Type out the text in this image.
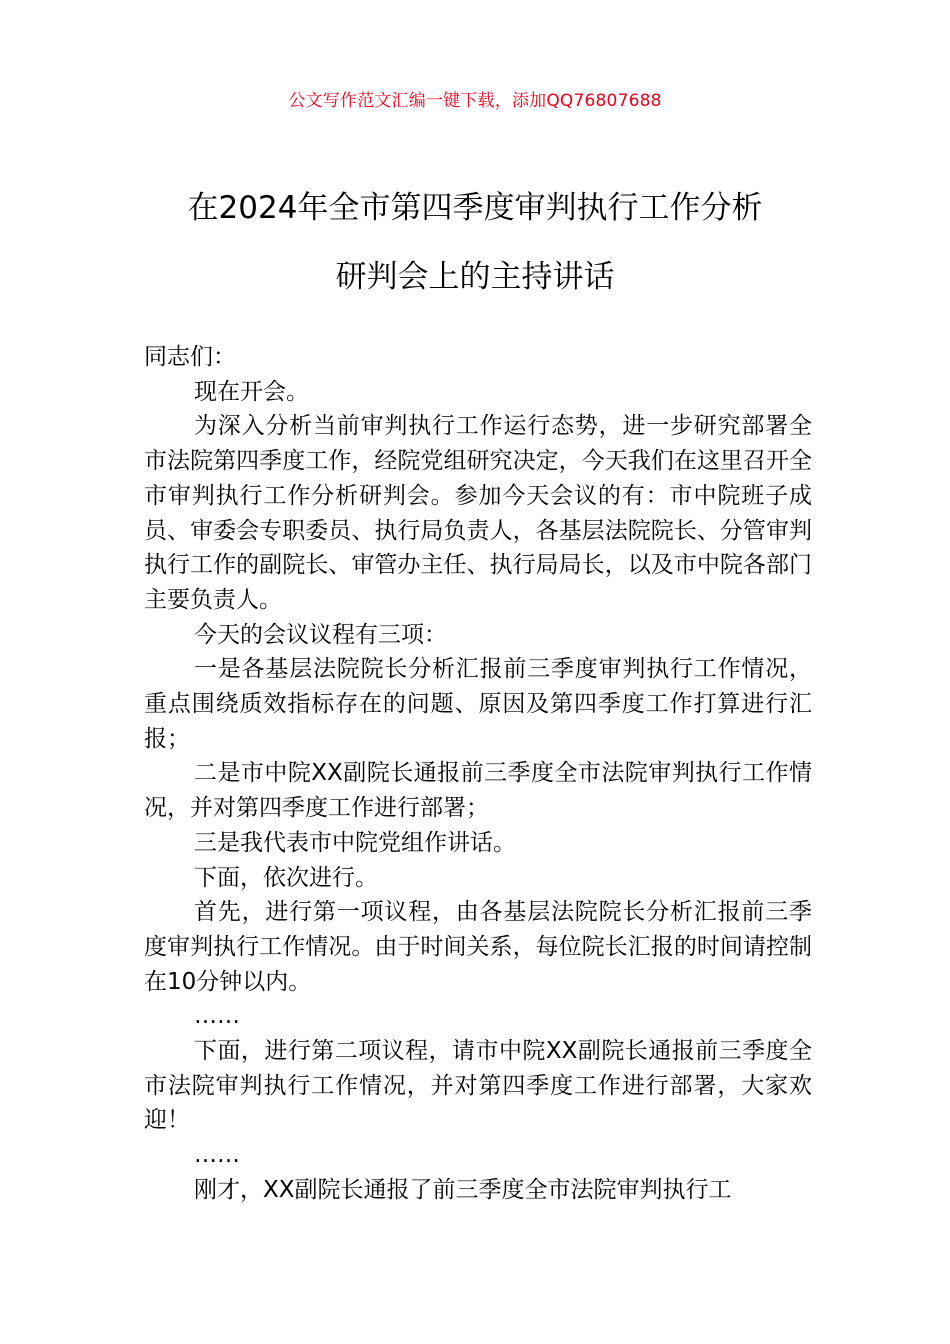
公文写作范文汇编一键下载，添加QQ76807688
在2024年全市第四季度审判执行工作分析
研判会上的主持讲话

同志们：

现在开会。

为深入分析当前审判执行工作运行态势，进一步研究部署全市法院第四季度工作，经院党组研究决定，今天我们在这里召开全市审判执行工作分析研判会。参加今天会议的有：市中院班子成员、审委会专职委员、执行局负责人，各基层法院院长、分管审判执行工作的副院长、审管办主任、执行局局长，以及市中院各部门主要负责人。

今天的会议议程有三项：

一是各基层法院院长分析汇报前三季度审判执行工作情况，重点围绕质效指标存在的问题、原因及第四季度工作打算进行汇报；

二是市中院XX副院长通报前三季度全市法院审判执行工作情况，并对第四季度工作进行部署；

三是我代表市中院党组作讲话。

下面，依次进行。

首先，进行第一项议程，由各基层法院院长分析汇报前三季度审判执行工作情况。由于时间关系，每位院长汇报的时间请控制在10分钟以内。

……

下面，进行第二项议程，请市中院XX副院长通报前三季度全市法院审判执行工作情况，并对第四季度工作进行部署，大家欢迎！

……

刚才，XX副院长通报了前三季度全市法院审判执行工
